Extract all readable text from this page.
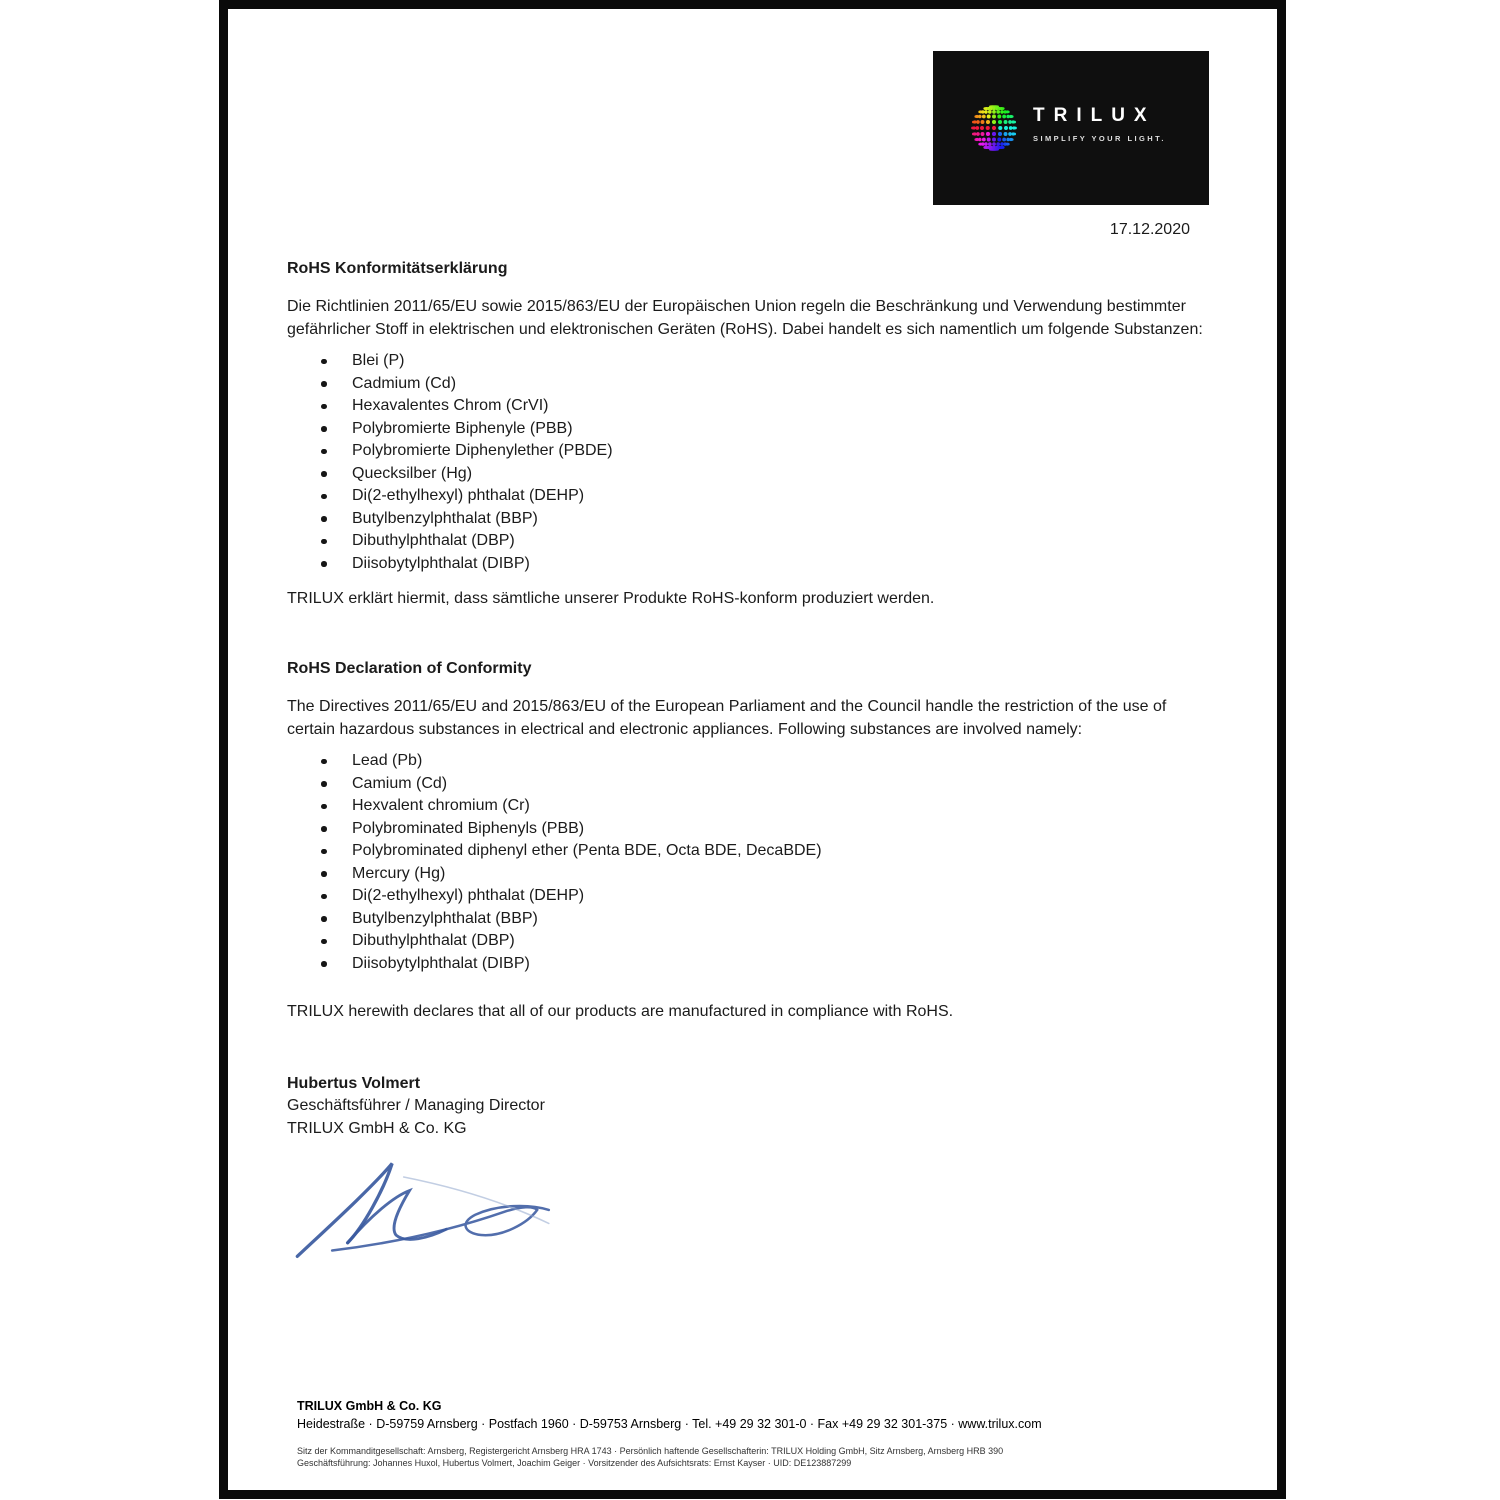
TRILUX
SIMPLIFY YOUR LIGHT.
17.12.2020

RoHS Konformitätserklärung

Die Richtlinien 2011/65/EU sowie 2015/863/EU der Europäischen Union regeln die Beschränkung und Verwendung bestimmter gefährlicher Stoff in elektrischen und elektronischen Geräten (RoHS). Dabei handelt es sich namentlich um folgende Substanzen:

Blei (P)
Cadmium (Cd)
Hexavalentes Chrom (CrVI)
Polybromierte Biphenyle (PBB)
Polybromierte Diphenylether (PBDE)
Quecksilber (Hg)
Di(2-ethylhexyl) phthalat (DEHP)
Butylbenzylphthalat (BBP)
Dibuthylphthalat (DBP)
Diisobytylphthalat (DIBP)

TRILUX erklärt hiermit, dass sämtliche unserer Produkte RoHS-konform produziert werden.

RoHS Declaration of Conformity

The Directives 2011/65/EU and 2015/863/EU of the European Parliament and the Council handle the restriction of the use of certain hazardous substances in electrical and electronic appliances. Following substances are involved namely:

Lead (Pb)
Camium (Cd)
Hexvalent chromium (Cr)
Polybrominated Biphenyls (PBB)
Polybrominated diphenyl ether (Penta BDE, Octa BDE, DecaBDE)
Mercury (Hg)
Di(2-ethylhexyl) phthalat (DEHP)
Butylbenzylphthalat (BBP)
Dibuthylphthalat (DBP)
Diisobytylphthalat (DIBP)

TRILUX herewith declares that all of our products are manufactured in compliance with RoHS.

Hubertus Volmert
Geschäftsführer / Managing Director
TRILUX GmbH & Co. KG
TRILUX GmbH & Co. KG
Heidestraße · D-59759 Arnsberg · Postfach 1960 · D-59753 Arnsberg · Tel. +49 29 32 301-0 · Fax +49 29 32 301-375 · www.trilux.com
Sitz der Kommanditgesellschaft: Arnsberg, Registergericht Arnsberg HRA 1743 · Persönlich haftende Gesellschafterin: TRILUX Holding GmbH, Sitz Arnsberg, Arnsberg HRB 390
Geschäftsführung: Johannes Huxol, Hubertus Volmert, Joachim Geiger · Vorsitzender des Aufsichtsrats: Ernst Kayser · UID: DE123887299
